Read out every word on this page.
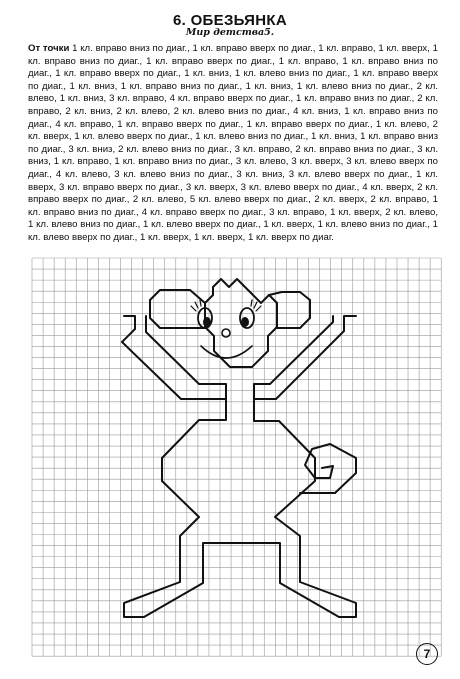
6. ОБЕЗЬЯНКА
Мир детства5.
От точки 1 кл. вправо вниз по диаг., 1 кл. вправо вверх по диаг., 1 кл. вправо, 1 кл. вверх, 1 кл. вправо вниз по диаг., 1 кл. вправо вверх по диаг., 1 кл. вправо, 1 кл. вправо вниз по диаг., 1 кл. вправо вверх по диаг., 1 кл. вниз, 1 кл. влево вниз по диаг., 1 кл. вправо вверх по диаг., 1 кл. вниз, 1 кл. вправо вниз по диаг., 1 кл. вниз, 1 кл. влево вниз по диаг., 2 кл. влево, 1 кл. вниз, 3 кл. вправо, 4 кл. вправо вверх по диаг., 1 кл. вправо вниз по диаг., 2 кл. вправо, 2 кл. вниз, 2 кл. влево, 2 кл. влево вниз по диаг., 4 кл. вниз, 1 кл. вправо вниз по диаг., 4 кл. вправо, 1 кл. вправо вверх по диаг., 1 кл. вправо вверх по диаг., 1 кл. влево, 2 кл. вверх, 1 кл. влево вверх по диаг., 1 кл. влево вниз по диаг., 1 кл. вниз, 1 кл. вправо вниз по диаг., 3 кл. вниз, 2 кл. влево вниз по диаг., 3 кл. вправо, 2 кл. вправо вниз по диаг., 3 кл. вниз, 1 кл. вправо, 1 кл. вправо вниз по диаг., 3 кл. влево, 3 кл. вверх, 3 кл. влево вверх по диаг., 4 кл. влево, 3 кл. влево вниз по диаг., 3 кл. вниз, 3 кл. влево вверх по диаг., 1 кл. вверх, 3 кл. вправо вверх по диаг., 3 кл. вверх, 3 кл. влево вверх по диаг., 4 кл. вверх, 2 кл. вправо вверх по диаг., 2 кл. влево, 5 кл. влево вверх по диаг., 2 кл. вверх, 2 кл. вправо, 1 кл. вправо вниз по диаг., 4 кл. вправо вверх по диаг., 3 кл. вправо, 1 кл. вверх, 2 кл. влево, 1 кл. влево вниз по диаг., 1 кл. влево вверх по диаг., 1 кл. вверх, 1 кл. влево вниз по диаг., 1 кл. влево вверх по диаг., 1 кл. вверх, 1 кл. вверх, 1 кл. вверх по диаг.
7
